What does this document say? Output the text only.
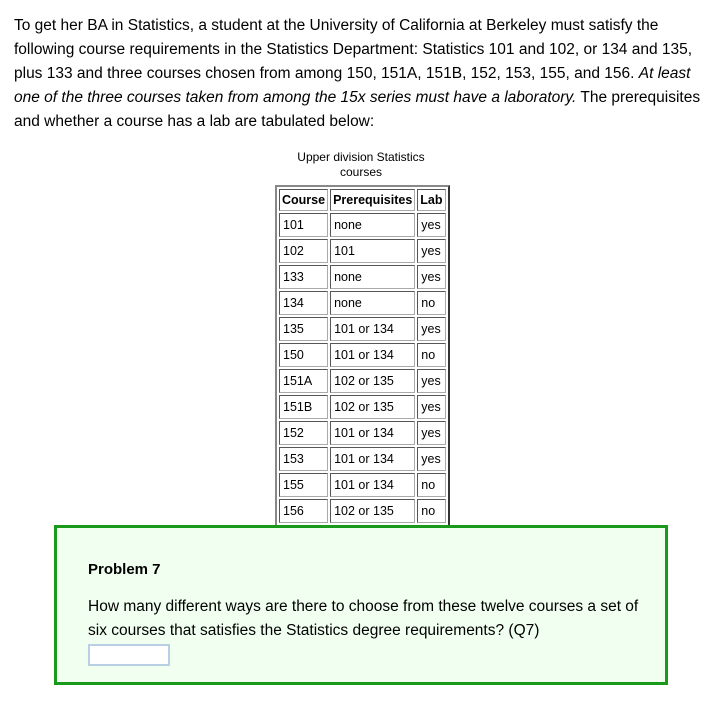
To get her BA in Statistics, a student at the University of California at Berkeley must satisfy the following course requirements in the Statistics Department: Statistics 101 and 102, or 134 and 135, plus 133 and three courses chosen from among 150, 151A, 151B, 152, 153, 155, and 156. At least one of the three courses taken from among the 15x series must have a laboratory. The prerequisites and whether a course has a lab are tabulated below:

Upper division Statistics courses
Course	Prerequisites	Lab
101	none	yes
102	101	yes
133	none	yes
134	none	no
135	101 or 134	yes
150	101 or 134	no
151A	102 or 135	yes
151B	102 or 135	yes
152	101 or 134	yes
153	101 or 134	yes
155	101 or 134	no
156	102 or 135	no

Problem 7

How many different ways are there to choose from these twelve courses a set of six courses that satisfies the Statistics degree requirements? (Q7)
